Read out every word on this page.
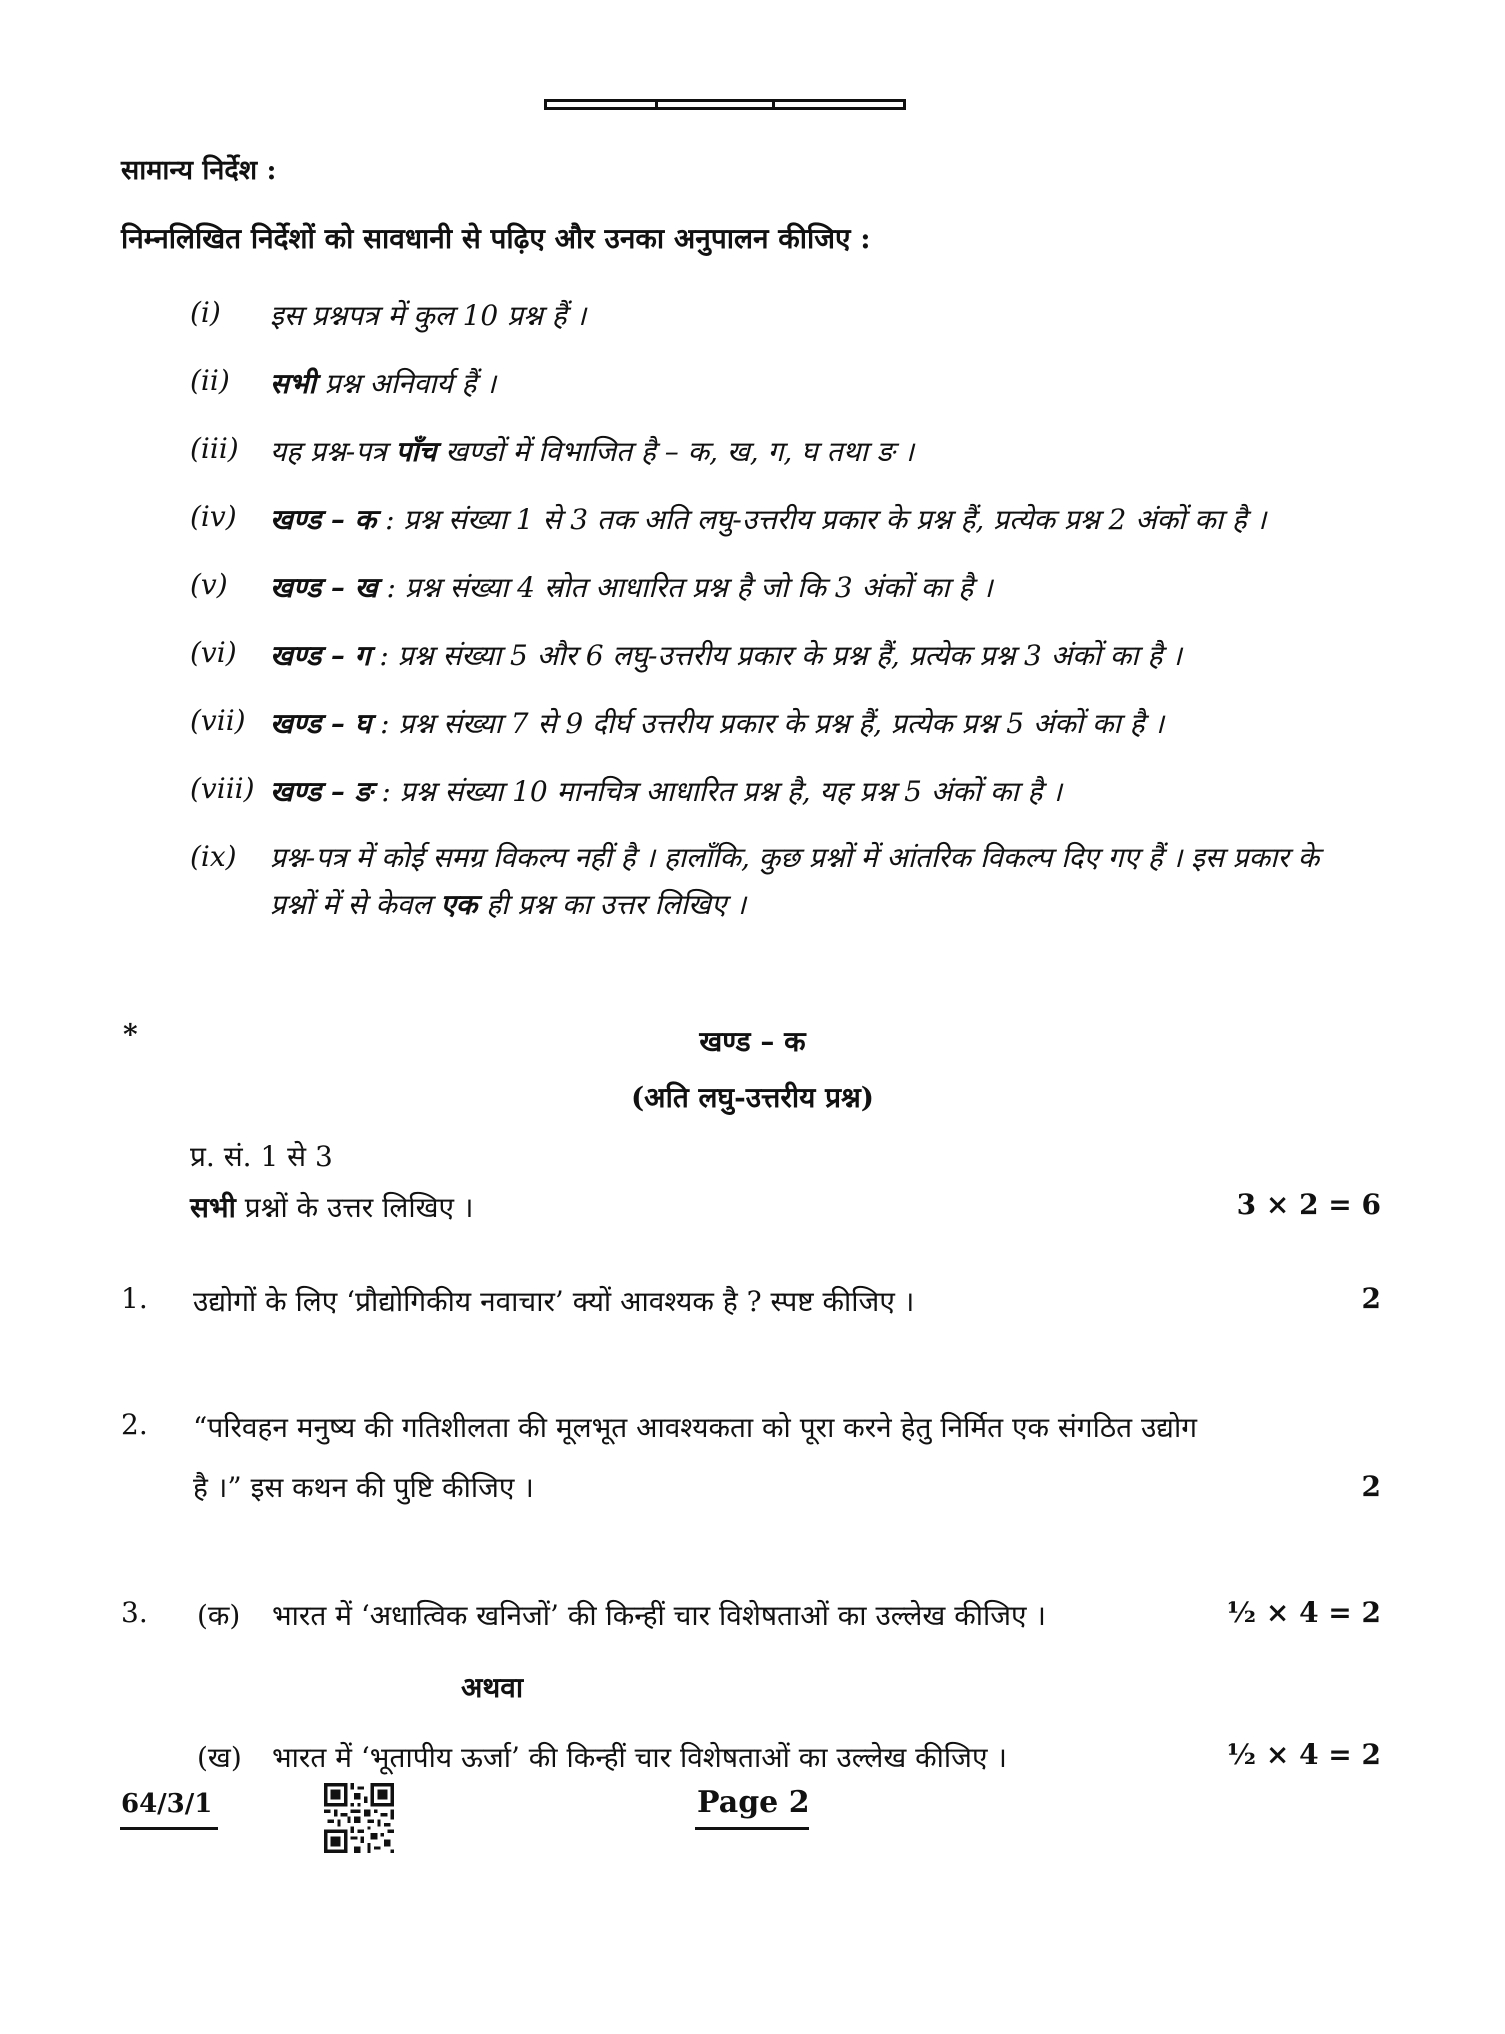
सामान्य निर्देश :
निम्नलिखित निर्देशों को सावधानी से पढ़िए और उनका अनुपालन कीजिए :
(i)	इस प्रश्नपत्र में कुल 10 प्रश्न हैं ।
(ii)	सभी प्रश्न अनिवार्य हैं ।
(iii)	यह प्रश्न-पत्र पाँच खण्डों में विभाजित है – क, ख, ग, घ तथा ङ ।
(iv)	खण्ड – क : प्रश्न संख्या 1 से 3 तक अति लघु-उत्तरीय प्रकार के प्रश्न हैं, प्रत्येक प्रश्न 2 अंकों का है ।
(v)	खण्ड – ख : प्रश्न संख्या 4 स्रोत आधारित प्रश्न है जो कि 3 अंकों का है ।
(vi)	खण्ड – ग : प्रश्न संख्या 5 और 6 लघु-उत्तरीय प्रकार के प्रश्न हैं, प्रत्येक प्रश्न 3 अंकों का है ।
(vii) खण्ड – घ : प्रश्न संख्या 7 से 9 दीर्घ उत्तरीय प्रकार के प्रश्न हैं, प्रत्येक प्रश्न 5 अंकों का है ।
(viii) खण्ड – ङ : प्रश्न संख्या 10 मानचित्र आधारित प्रश्न है, यह प्रश्न 5 अंकों का है ।
(ix)	प्रश्न-पत्र में कोई समग्र विकल्प नहीं है । हालाँकि, कुछ प्रश्नों में आंतरिक विकल्प दिए गए हैं । इस प्रकार के प्रश्नों में से केवल एक ही प्रश्न का उत्तर लिखिए ।
*	खण्ड – क
(अति लघु-उत्तरीय प्रश्न)
प्र. सं. 1 से 3
सभी प्रश्नों के उत्तर लिखिए ।	3 × 2 = 6
1. उद्योगों के लिए ‘प्रौद्योगिकीय नवाचार’ क्यों आवश्यक है ? स्पष्ट कीजिए ।	2
2. “परिवहन मनुष्य की गतिशीलता की मूलभूत आवश्यकता को पूरा करने हेतु निर्मित एक संगठित उद्योग
है ।” इस कथन की पुष्टि कीजिए ।	2
3. (क) भारत में ‘अधात्विक खनिजों’ की किन्हीं चार विशेषताओं का उल्लेख कीजिए ।	½ × 4 = 2
अथवा
(ख) भारत में ‘भूतापीय ऊर्जा’ की किन्हीं चार विशेषताओं का उल्लेख कीजिए ।	½ × 4 = 2
64/3/1	Page 2
